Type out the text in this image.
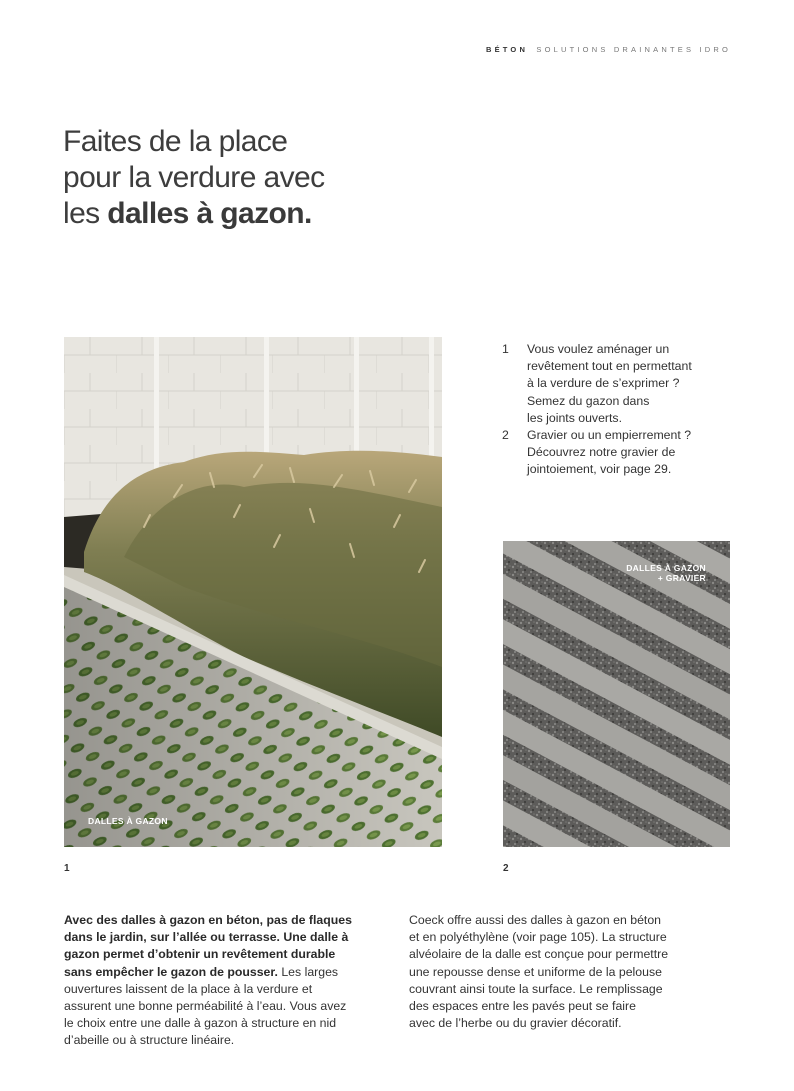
BÉTON SOLUTIONS DRAINANTES IDRO
Faites de la place
pour la verdure avec
les dalles à gazon.
DALLES À GAZON
DALLES À GAZON
+ GRAVIER
1	2
1	Vous voulez aménager un
revêtement tout en permettant
à la verdure de s’exprimer ?
Semez du gazon dans
les joints ouverts.
2	Gravier ou un empierrement ?
Découvrez notre gravier de
jointoiement, voir page 29.
Avec des dalles à gazon en béton, pas de flaques
dans le jardin, sur l’allée ou terrasse. Une dalle à
gazon permet d’obtenir un revêtement durable
sans empêcher le gazon de pousser. Les larges
ouvertures laissent de la place à la verdure et
assurent une bonne perméabilité à l’eau. Vous avez
le choix entre une dalle à gazon à structure en nid
d’abeille ou à structure linéaire.
Coeck offre aussi des dalles à gazon en béton
et en polyéthylène (voir page 105). La structure
alvéolaire de la dalle est conçue pour permettre
une repousse dense et uniforme de la pelouse
couvrant ainsi toute la surface. Le remplissage
des espaces entre les pavés peut se faire
avec de l’herbe ou du gravier décoratif.
